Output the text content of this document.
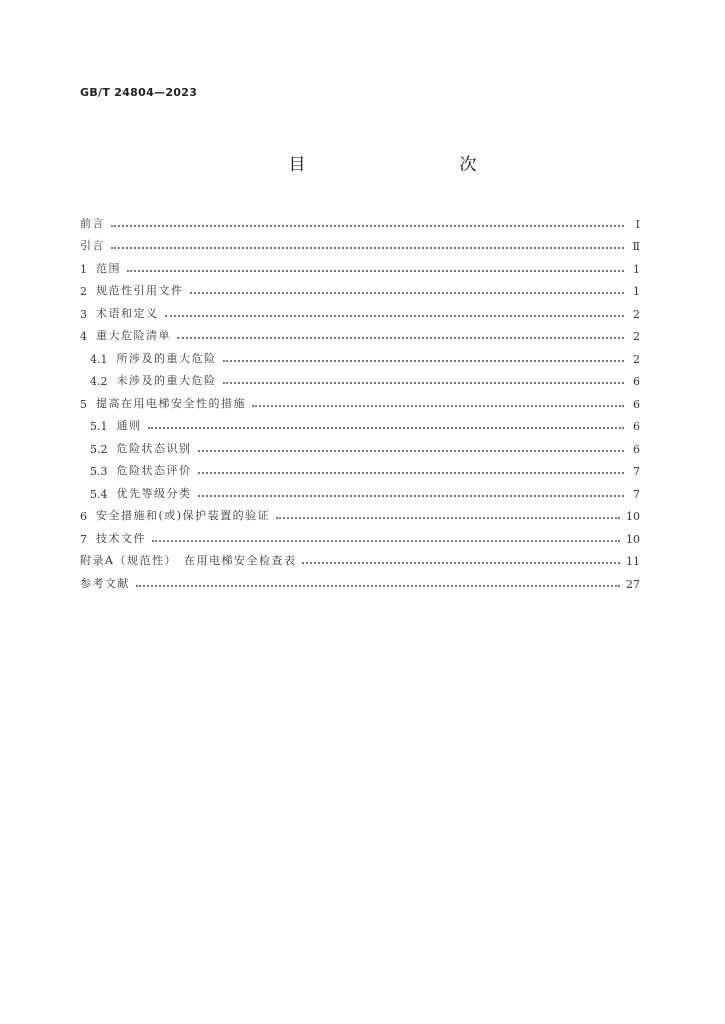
GB/T 24804—2023
目　　次
前言	Ⅰ
引言	Ⅱ
1 范围	1
2 规范性引用文件	1
3 术语和定义	2
4 重大危险清单	2
4.1 所涉及的重大危险	2
4.2 未涉及的重大危险	6
5 提高在用电梯安全性的措施	6
5.1 通则	6
5.2 危险状态识别	6
5.3 危险状态评价	7
5.4 优先等级分类	7
6 安全措施和(或)保护装置的验证	10
7 技术文件	10
附录A（规范性）　在用电梯安全检查表	11
参考文献	27
